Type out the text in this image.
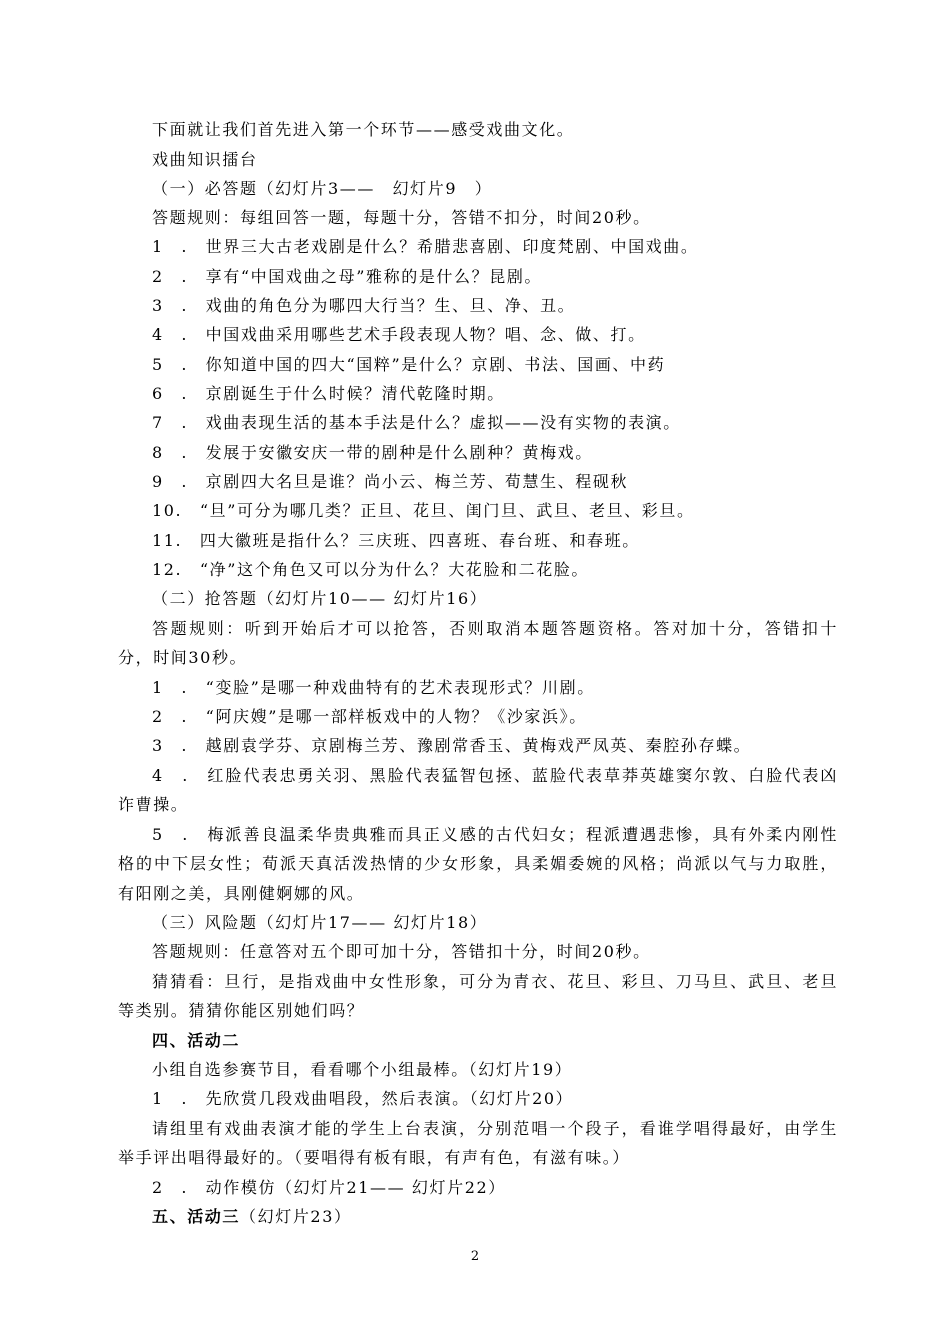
下面就让我们首先进入第一个环节——感受戏曲文化。
戏曲知识擂台
（一）必答题（幻灯片3——　幻灯片9　）
答题规则：每组回答一题，每题十分，答错不扣分，时间20秒。
1　.　世界三大古老戏剧是什么？希腊悲喜剧、印度梵剧、中国戏曲。
2　.　享有“中国戏曲之母”雅称的是什么？昆剧。
3　.　戏曲的角色分为哪四大行当？生、旦、净、丑。
4　.　中国戏曲采用哪些艺术手段表现人物？唱、念、做、打。
5　.　你知道中国的四大“国粹”是什么？京剧、书法、国画、中药
6　.　京剧诞生于什么时候？清代乾隆时期。
7　.　戏曲表现生活的基本手法是什么？虚拟——没有实物的表演。
8　.　发展于安徽安庆一带的剧种是什么剧种？黄梅戏。
9　.　京剧四大名旦是谁？尚小云、梅兰芳、荀慧生、程砚秋
10.　“旦”可分为哪几类？正旦、花旦、闺门旦、武旦、老旦、彩旦。
11.　四大徽班是指什么？三庆班、四喜班、春台班、和春班。
12.　“净”这个角色又可以分为什么？大花脸和二花脸。
（二）抢答题（幻灯片10—— 幻灯片16）
答题规则：听到开始后才可以抢答，否则取消本题答题资格。答对加十分，答错扣十分，时间30秒。
1　.　“变脸”是哪一种戏曲特有的艺术表现形式？川剧。
2　.　“阿庆嫂”是哪一部样板戏中的人物？《沙家浜》。
3　.　越剧袁学芬、京剧梅兰芳、豫剧常香玉、黄梅戏严凤英、秦腔孙存蝶。
4　.　红脸代表忠勇关羽、黑脸代表猛智包拯、蓝脸代表草莽英雄窦尔敦、白脸代表凶诈曹操。
5　.　梅派善良温柔华贵典雅而具正义感的古代妇女；程派遭遇悲惨，具有外柔内刚性格的中下层女性；荀派天真活泼热情的少女形象，具柔媚委婉的风格；尚派以气与力取胜，有阳刚之美，具刚健婀娜的风。
（三）风险题（幻灯片17—— 幻灯片18）
答题规则：任意答对五个即可加十分，答错扣十分，时间20秒。
猜猜看：旦行，是指戏曲中女性形象，可分为青衣、花旦、彩旦、刀马旦、武旦、老旦等类别。猜猜你能区别她们吗？
四、活动二
小组自选参赛节目，看看哪个小组最棒。（幻灯片19）
1　.　先欣赏几段戏曲唱段，然后表演。（幻灯片20）
请组里有戏曲表演才能的学生上台表演，分别范唱一个段子，看谁学唱得最好，由学生举手评出唱得最好的。（要唱得有板有眼，有声有色，有滋有味。）
2　.　动作模仿（幻灯片21—— 幻灯片22）
五、活动三（幻灯片23）
2
